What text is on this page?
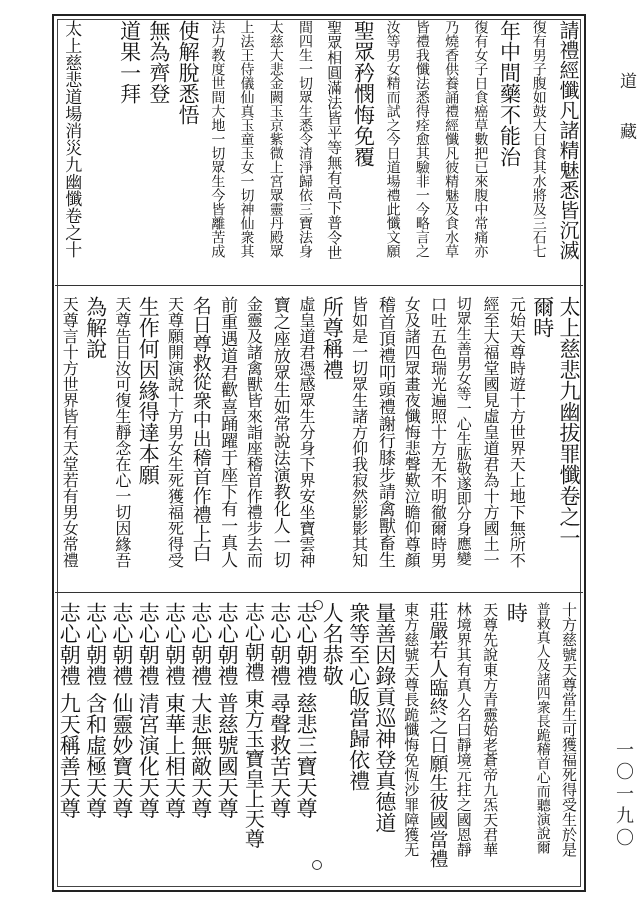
道 藏
一〇一九〇
請禮經懺凡諸精魅悉皆沉滅
復有男子腹如鼓大日食其水將及三石七
年中間藥不能治
復有女子日食癌草數把已來腹中常痛亦
乃燒香供養誦禮經懺凡彼精魅及食水草
皆禮我懺法悉得痊愈其驗非一今略言之
汝等男女精而試之今日道場禮此懺文願
聖眾矜憫悔免覆
聖眾相圓滿法皆平等無有高下普令世
間四生一切眾生悉令清淨歸依三寶法身
太慈大悲金闕玉京紫微上宮眾靈丹殿眾
上法王侍儀仙真玉童玉女一切神仙衆其
法力教度世間大地一切眾生今皆離苦成
使解脫悉悟
無為齊登
道果一拜
太上慈悲道場消災九幽懺卷之十
太上慈悲九幽拔罪懺卷之一
爾時
元始天尊時遊十方世界天上地下無所不
經至大福堂國見虛皇道君為十方國土一
切眾生善男女等一心生肱敬遂即分身應變
口吐五色瑞光遍照十方无不明徹爾時男
女及諸四眾畫夜懺悔悲聲歎泣瞻仰尊顏
稽首頂禮叩頭禮謝行膝步請禽獸畜生
皆如是一切眾生諸方仰我寂然影影其知
所尊稱禮
虛皇道君憑感眾生分身下界安坐寶雲神
寶之座放眾生如常說法演教化人一切
金靈及諸禽獸皆來詣座稽首作禮步去而
前重遇道君歡喜踊躍于座下有一真人
名日尊救從衆中出稽首作禮上白
天尊願開演說十方男女生死獲福死得受
生作何因緣得達本願
天尊告日汝可復生靜念在心一切因緣吾
為解說
天尊言十方世界皆有天堂若有男女常禮
十方慈號天尊當生可獲福死得受生於是
普救真人及諸四衆長跪稽首心而聽演說爾
時
天尊先說東方青靈始老蒼帝九炁天君華
林境界其有真人名曰靜境元拄之國恩靜
莊嚴若人臨終之日願生彼國當禮
東方慈號天尊長跪懺悔免恆沙罪障獲无
量善因錄貢巡神登真德道
衆等至心皈當歸依禮
人名恭敬
志心朝禮 慈悲三寶天尊
志心朝禮 尋聲救苦天尊
志心朝禮 東方玉寶皇上天尊
志心朝禮 普慈號國天尊
志心朝禮 大悲無敵天尊
志心朝禮 東華上相天尊
志心朝禮 清宮演化天尊
志心朝禮 仙靈妙寶天尊
志心朝禮 含和虛極天尊
志心朝禮 九天稱善天尊
